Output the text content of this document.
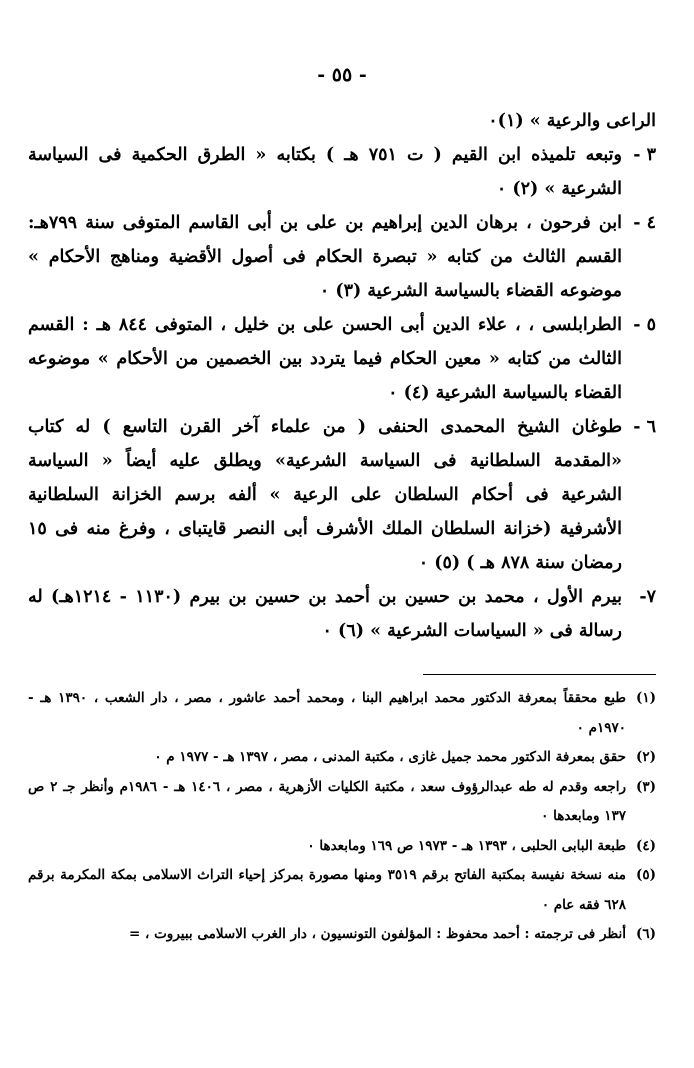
- ٥٥ -

الراعى والرعية » (١)٠

٣ -
وتبعه تلميذه ابن القيم ( ت ٧٥١ هـ ) بكتابه « الطرق الحكمية فى السياسة الشرعية » (٢) ٠
٤ -
ابن فرحون ، برهان الدين إبراهيم بن على بن أبى القاسم المتوفى سنة ٧٩٩هـ: القسم الثالث من كتابه « تبصرة الحكام فى أصول الأقضية ومناهج الأحكام » موضوعه القضاء بالسياسة الشرعية (٣) ٠
٥ -
الطرابلسى ، ، علاء الدين أبى الحسن على بن خليل ، المتوفى ٨٤٤ هـ : القسم الثالث من كتابه « معين الحكام فيما يتردد بين الخصمين من الأحكام » موضوعه القضاء بالسياسة الشرعية (٤) ٠
٦ -
طوغان الشيخ المحمدى الحنفى ( من علماء آخر القرن التاسع ) له كتاب «المقدمة السلطانية فى السياسة الشرعية» ويطلق عليه أيضاً « السياسة الشرعية فى أحكام السلطان على الرعية » ألفه برسم الخزانة السلطانية الأشرفية (خزانة السلطان الملك الأشرف أبى النصر قايتباى ، وفرغ منه فى ١٥ رمضان سنة ٨٧٨ هـ ) (٥) ٠
٧-
بيرم الأول ، محمد بن حسين بن أحمد بن حسين بن بيرم (١١٣٠ - ١٢١٤هـ) له رسالة فى « السياسات الشرعية » (٦) ٠
(١)
طبع محققاً بمعرفة الدكتور محمد ابراهيم البنا ، ومحمد أحمد عاشور ، مصر ، دار الشعب ، ١٣٩٠ هـ - ١٩٧٠م ٠
(٢)
حقق بمعرفة الدكتور محمد جميل غازى ، مكتبة المدنى ، مصر ، ١٣٩٧ هـ - ١٩٧٧ م ٠
(٣)
راجعه وقدم له طه عبدالرؤوف سعد ، مكتبة الكليات الأزهرية ، مصر ، ١٤٠٦ هـ - ١٩٨٦م وأنظر جـ ٢ ص ١٣٧ ومابعدها ٠
(٤)
طبعة البابى الحلبى ، ١٣٩٣ هـ - ١٩٧٣ ص ١٦٩ ومابعدها ٠
(٥)
منه نسخة نفيسة بمكتبة الفاتح برقم ٣٥١٩ ومنها مصورة بمركز إحياء التراث الاسلامى بمكة المكرمة برقم ٦٢٨ فقه عام ٠
(٦)
أنظر فى ترجمته : أحمد محفوظ : المؤلفون التونسيون ، دار الغرب الاسلامى ببيروت ، =
